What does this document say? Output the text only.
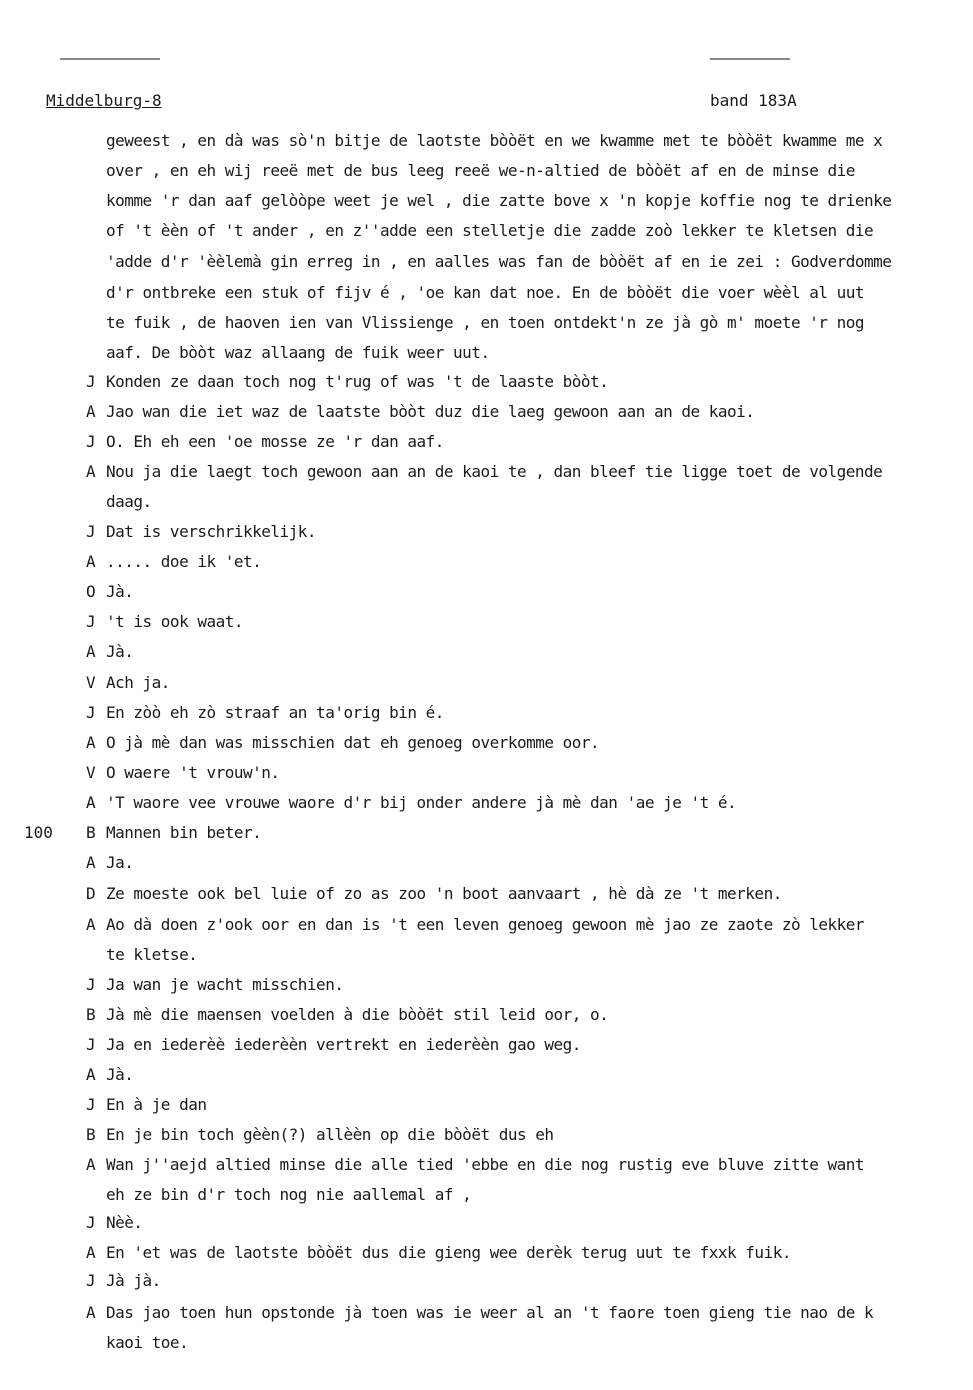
Middelburg-8	band 183A
100
geweest , en dà was sò'n bitje de laotste bòòët en we kwamme met te bòòët kwamme me x
over , en eh wij reeë met de bus leeg reeë we-n-altied de bòòët af en de minse die
komme 'r dan aaf gelòòpe weet je wel , die zatte bove x 'n kopje koffie nog te drienke
of 't èèn of 't ander , en z''adde een stelletje die zadde zoò lekker te kletsen die
'adde d'r 'èèlemà gin erreg in , en aalles was fan de bòòët af en ie zei : Godverdomme
d'r ontbreke een stuk of fijv é , 'oe kan dat noe. En de bòòët die voer wèèl al uut
te fuik , de haoven ien van Vlissienge , en toen ontdekt'n ze jà gò m' moete 'r nog
aaf. De bòòt waz allaang de fuik weer uut.
J Konden ze daan toch nog t'rug of was 't de laaste bòòt.
A Jao wan die iet waz de laatste bòòt duz die laeg gewoon aan an de kaoi.
J O. Eh eh een 'oe mosse ze 'r dan aaf.
A Nou ja die laegt toch gewoon aan an de kaoi te , dan bleef tie ligge toet de volgende
daag.
J Dat is verschrikkelijk.
A ..... doe ik 'et.
O Jà.
J 't is ook waat.
A Jà.
V Ach ja.
J En zòò eh zò straaf an ta'orig bin é.
A O jà mè dan was misschien dat eh genoeg overkomme oor.
V O waere 't vrouw'n.
A 'T waore vee vrouwe waore d'r bij onder andere jà mè dan 'ae je 't é.
B Mannen bin beter.
A Ja.
D Ze moeste ook bel luie of zo as zoo 'n boot aanvaart , hè dà ze 't merken.
A Ao dà doen z'ook oor en dan is 't een leven genoeg gewoon mè jao ze zaote zò lekker
te kletse.
J Ja wan je wacht misschien.
B Jà mè die maensen voelden à die bòòët stil leid oor, o.
J Ja en iederèè iederèèn vertrekt en iederèèn gao weg.
A Jà.
J En à je dan
B En je bin toch gèèn(?) allèèn op die bòòët dus eh
A Wan j''aejd altied minse die alle tied 'ebbe en die nog rustig eve bluve zitte want
eh ze bin d'r toch nog nie aallemal af ,
J Nèè.
A En 'et was de laotste bòòët dus die gieng wee derèk terug uut te fxxk fuik.
J Jà jà.
A Das jao toen hun opstonde jà toen was ie weer al an 't faore toen gieng tie nao de k
kaoi toe.
